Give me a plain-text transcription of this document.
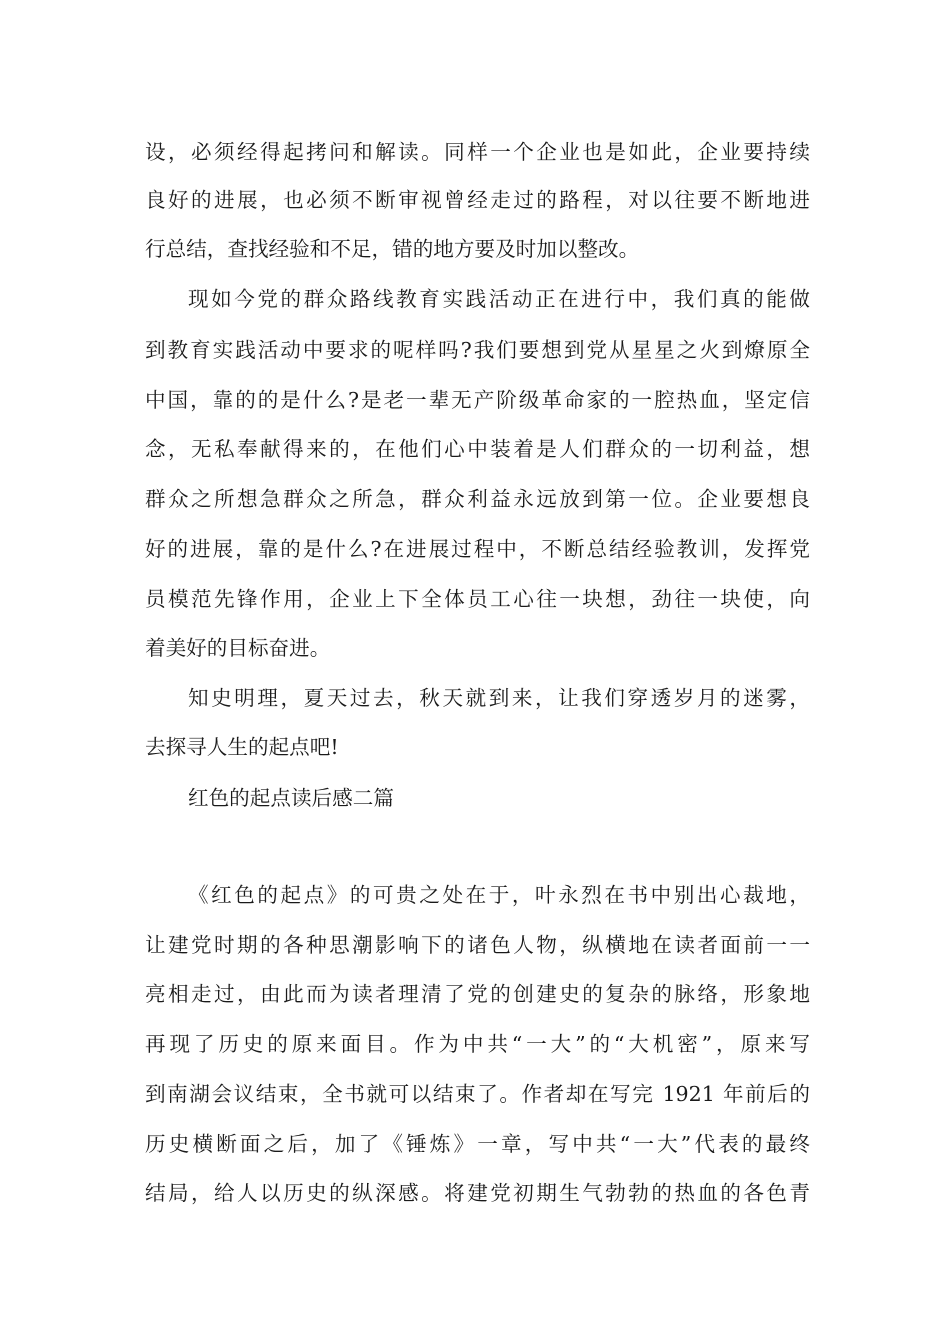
设，必须经得起拷问和解读。同样一个企业也是如此，企业要持续
良好的进展，也必须不断审视曾经走过的路程，对以往要不断地进
行总结，查找经验和不足，错的地方要及时加以整改。
现如今党的群众路线教育实践活动正在进行中，我们真的能做
到教育实践活动中要求的呢样吗?我们要想到党从星星之火到燎原全
中国，靠的的是什么?是老一辈无产阶级革命家的一腔热血，坚定信
念，无私奉献得来的，在他们心中装着是人们群众的一切利益，想
群众之所想急群众之所急，群众利益永远放到第一位。企业要想良
好的进展，靠的是什么?在进展过程中，不断总结经验教训，发挥党
员模范先锋作用，企业上下全体员工心往一块想，劲往一块使，向
着美好的目标奋进。
知史明理，夏天过去，秋天就到来，让我们穿透岁月的迷雾，
去探寻人生的起点吧!
红色的起点读后感二篇
《红色的起点》的可贵之处在于，叶永烈在书中别出心裁地，
让建党时期的各种思潮影响下的诸色人物，纵横地在读者面前一一
亮相走过，由此而为读者理清了党的创建史的复杂的脉络，形象地
再现了历史的原来面目。作为中共“一大”的“大机密”，原来写
到南湖会议结束，全书就可以结束了。作者却在写完 1921 年前后的
历史横断面之后，加了《锤炼》一章，写中共“一大”代表的最终
结局，给人以历史的纵深感。将建党初期生气勃勃的热血的各色青
